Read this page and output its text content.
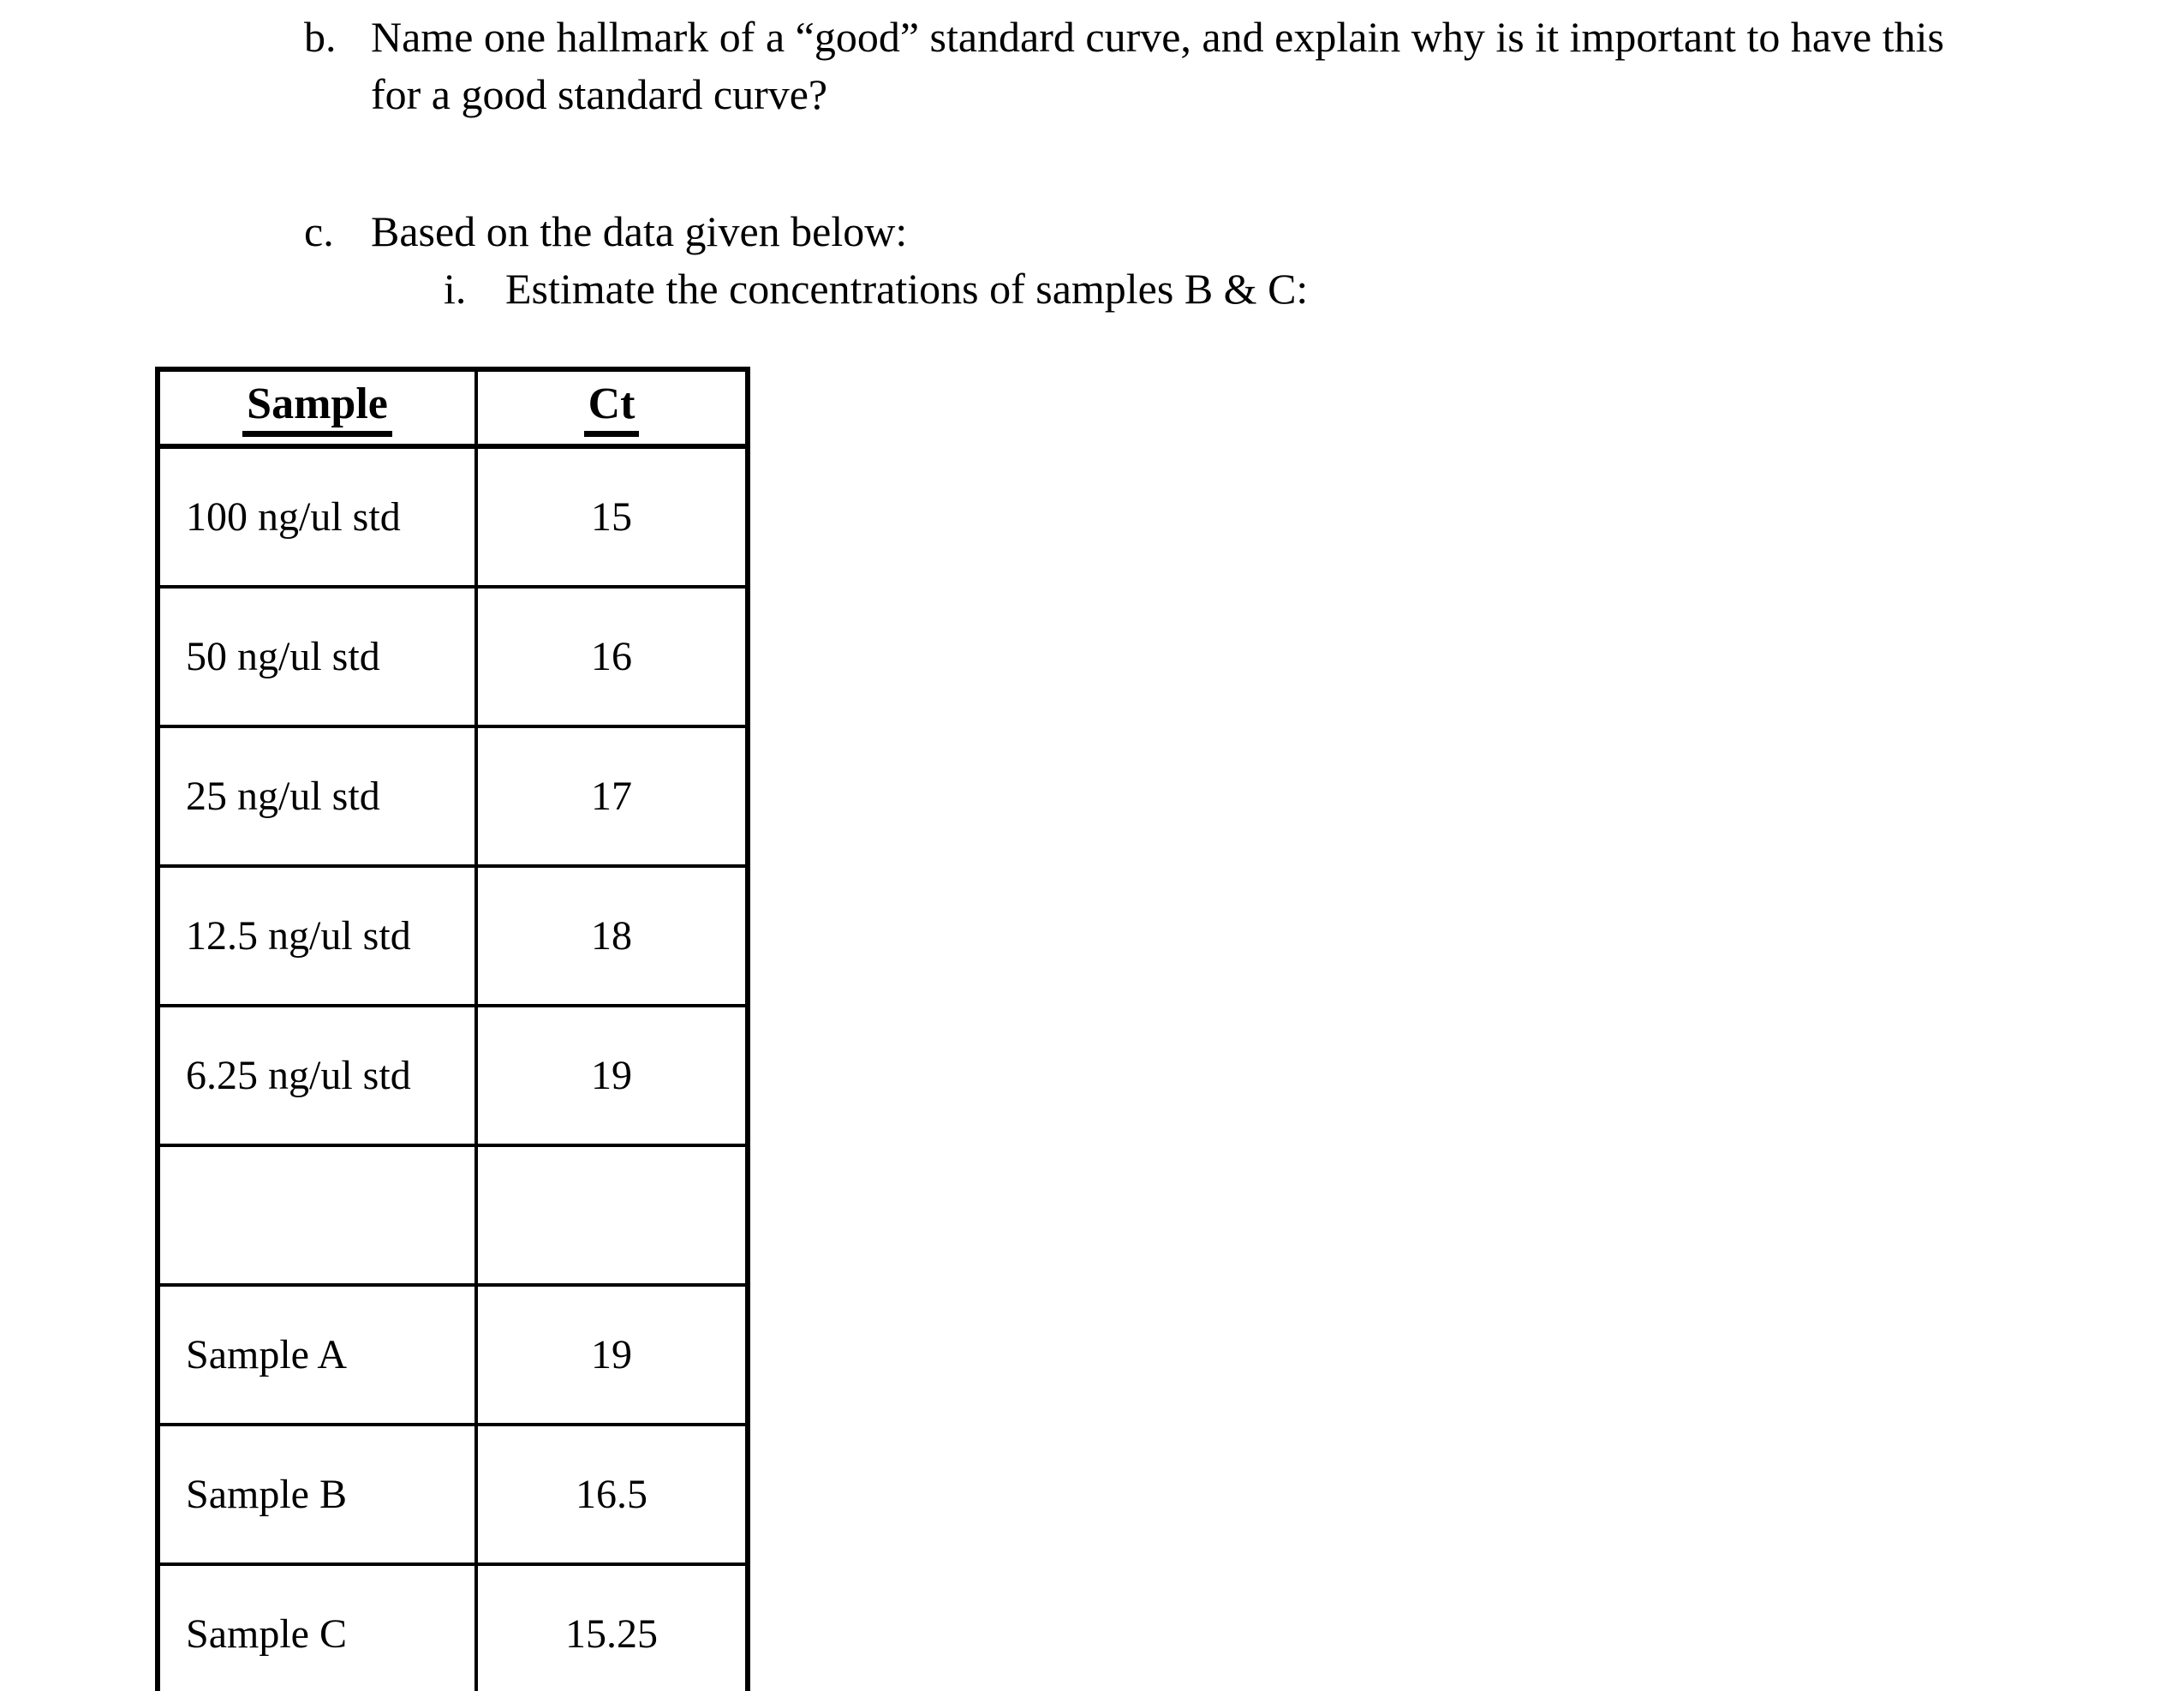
b. Name one hallmark of a “good” standard curve, and explain why is it important to have this
for a good standard curve?
c. Based on the data given below:
i. Estimate the concentrations of samples B & C:
Sample	Ct
100 ng/ul std	15
50 ng/ul std	16
25 ng/ul std	17
12.5 ng/ul std	18
6.25 ng/ul std	19

Sample A	19
Sample B	16.5
Sample C	15.25
